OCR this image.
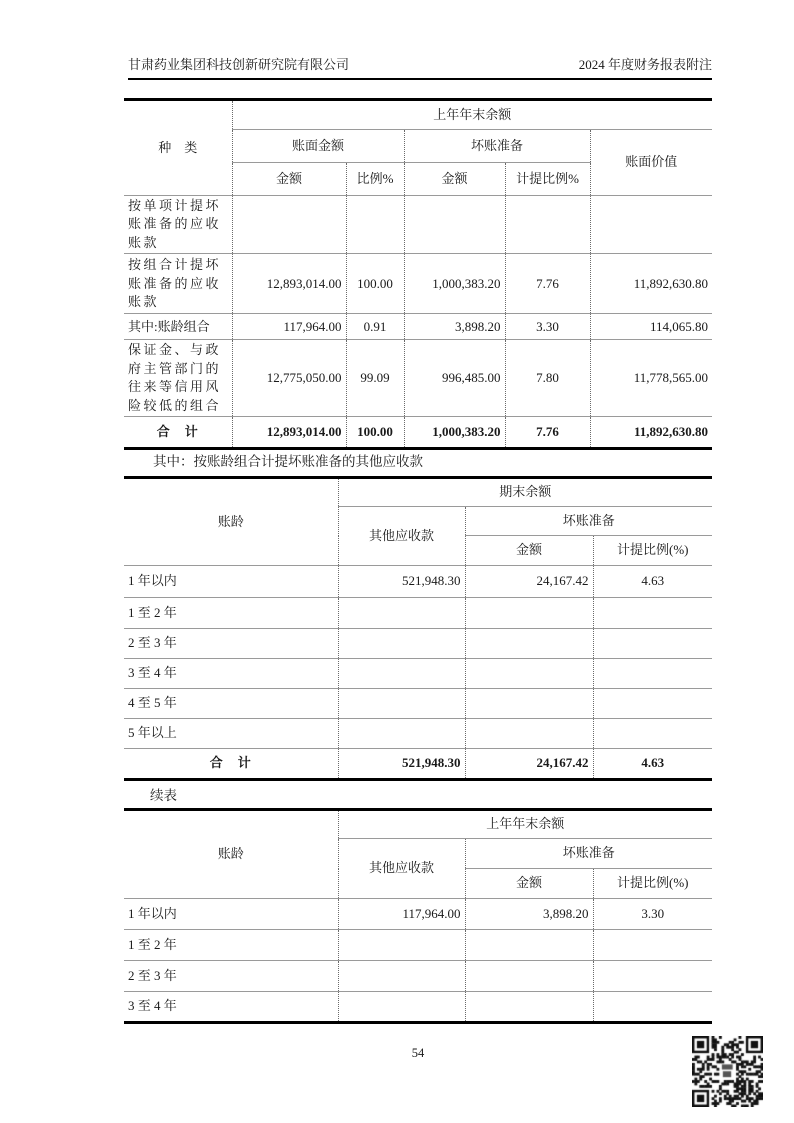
甘肃药业集团科技创新研究院有限公司	2024 年度财务报表附注
种　类	上年年末余额				
	账面金额		坏账准备		账面价值
	金额	比例%	金额	计提比例%	
按单项计提坏账准备的应收账款					
按组合计提坏账准备的应收账款	12,893,014.00	100.00	1,000,383.20	7.76	11,892,630.80
其中:账龄组合	117,964.00	0.91	3,898.20	3.30	114,065.80
保证金、与政府主管部门的往来等信用风险较低的组合	12,775,050.00	99.09	996,485.00	7.80	11,778,565.00
合　计	12,893,014.00	100.00	1,000,383.20	7.76	11,892,630.80
其中：按账龄组合计提坏账准备的其他应收款
账龄	期末余额		
	其他应收款	坏账准备	
		金额	计提比例(%)
1 年以内	521,948.30	24,167.42	4.63
1 至 2 年			
2 至 3 年			
3 至 4 年			
4 至 5 年			
5 年以上			
合　计	521,948.30	24,167.42	4.63
续表
账龄	上年年末余额		
	其他应收款	坏账准备	
		金额	计提比例(%)
1 年以内	117,964.00	3,898.20	3.30
1 至 2 年			
2 至 3 年			
3 至 4 年			
54
